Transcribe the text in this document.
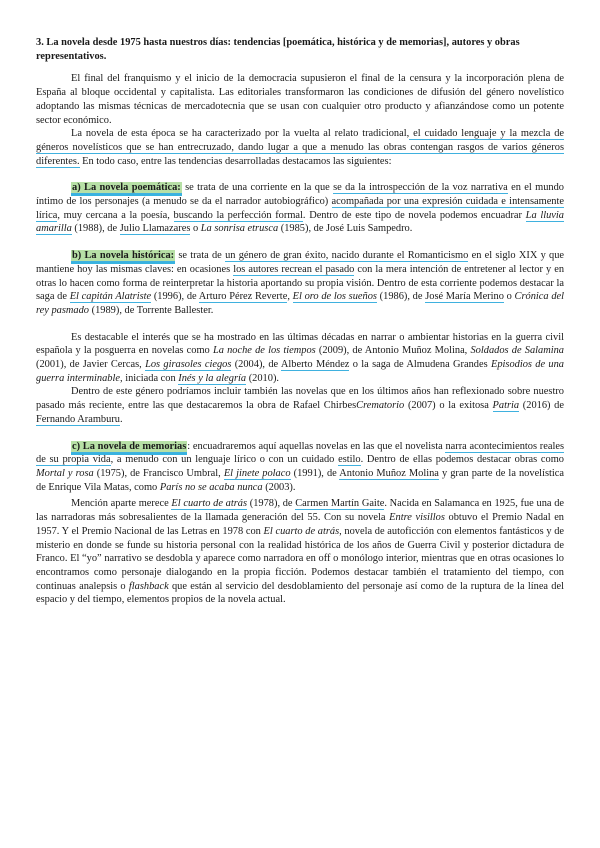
3. La novela desde 1975 hasta nuestros días: tendencias [poemática, histórica y de memorias], autores y obras representativos.

El final del franquismo y el inicio de la democracia supusieron el final de la censura y la incorporación plena de España al bloque occidental y capitalista. Las editoriales transformaron las condiciones de difusión del género novelístico adoptando las mismas técnicas de mercadotecnia que se usan con cualquier otro producto y afianzándose como un potente sector económico.

La novela de esta época se ha caracterizado por la vuelta al relato tradicional, el cuidado lenguaje y la mezcla de géneros novelísticos que se han entrecruzado, dando lugar a que a menudo las obras contengan rasgos de varios géneros diferentes. En todo caso, entre las tendencias desarrolladas destacamos las siguientes:

a) La novela poemática: se trata de una corriente en la que se da la introspección de la voz narrativa en el mundo íntimo de los personajes (a menudo se da el narrador autobiográfico) acompañada por una expresión cuidada e intensamente lírica, muy cercana a la poesía, buscando la perfección formal. Dentro de este tipo de novela podemos encuadrar La lluvia amarilla (1988), de Julio Llamazares o La sonrisa etrusca (1985), de José Luis Sampedro.

b) La novela histórica: se trata de un género de gran éxito, nacido durante el Romanticismo en el siglo XIX y que mantiene hoy las mismas claves: en ocasiones los autores recrean el pasado con la mera intención de entretener al lector y en otras lo hacen como forma de reinterpretar la historia aportando su propia visión. Dentro de esta corriente podemos destacar la saga de El capitán Alatriste (1996), de Arturo Pérez Reverte, El oro de los sueños (1986), de José María Merino o Crónica del rey pasmado (1989), de Torrente Ballester.

Es destacable el interés que se ha mostrado en las últimas décadas en narrar o ambientar historias en la guerra civil española y la posguerra en novelas como La noche de los tiempos (2009), de Antonio Muñoz Molina, Soldados de Salamina (2001), de Javier Cercas, Los girasoles ciegos (2004), de Alberto Méndez o la saga de Almudena Grandes Episodios de una guerra interminable, iniciada con Inés y la alegría (2010).

Dentro de este género podríamos incluir también las novelas que en los últimos años han reflexionado sobre nuestro pasado más reciente, entre las que destacaremos la obra de Rafael ChirbesCrematorio (2007) o la exitosa Patria (2016) de Fernando Aramburu.

c) La novela de memorias: encuadraremos aquí aquellas novelas en las que el novelista narra acontecimientos reales de su propia vida, a menudo con un lenguaje lírico o con un cuidado estilo. Dentro de ellas podemos destacar obras como Mortal y rosa (1975), de Francisco Umbral, El jinete polaco (1991), de Antonio Muñoz Molina y gran parte de la novelística de Enrique Vila Matas, como París no se acaba nunca (2003).

Mención aparte merece El cuarto de atrás (1978), de Carmen Martín Gaite. Nacida en Salamanca en 1925, fue una de las narradoras más sobresalientes de la llamada generación del 55. Con su novela Entre visillos obtuvo el Premio Nadal en 1957. Y el Premio Nacional de las Letras en 1978 con El cuarto de atrás, novela de autoficción con elementos fantásticos y de misterio en donde se funde su historia personal con la realidad histórica de los años de Guerra Civil y posterior dictadura de Franco. El “yo” narrativo se desdobla y aparece como narradora en off o monólogo interior, mientras que en otras ocasiones lo encontramos como personaje dialogando en la propia ficción. Podemos destacar también el tratamiento del tiempo, con continuas analepsis o flashback que están al servicio del desdoblamiento del personaje así como de la ruptura de la línea del espacio y del tiempo, elementos propios de la novela actual.
